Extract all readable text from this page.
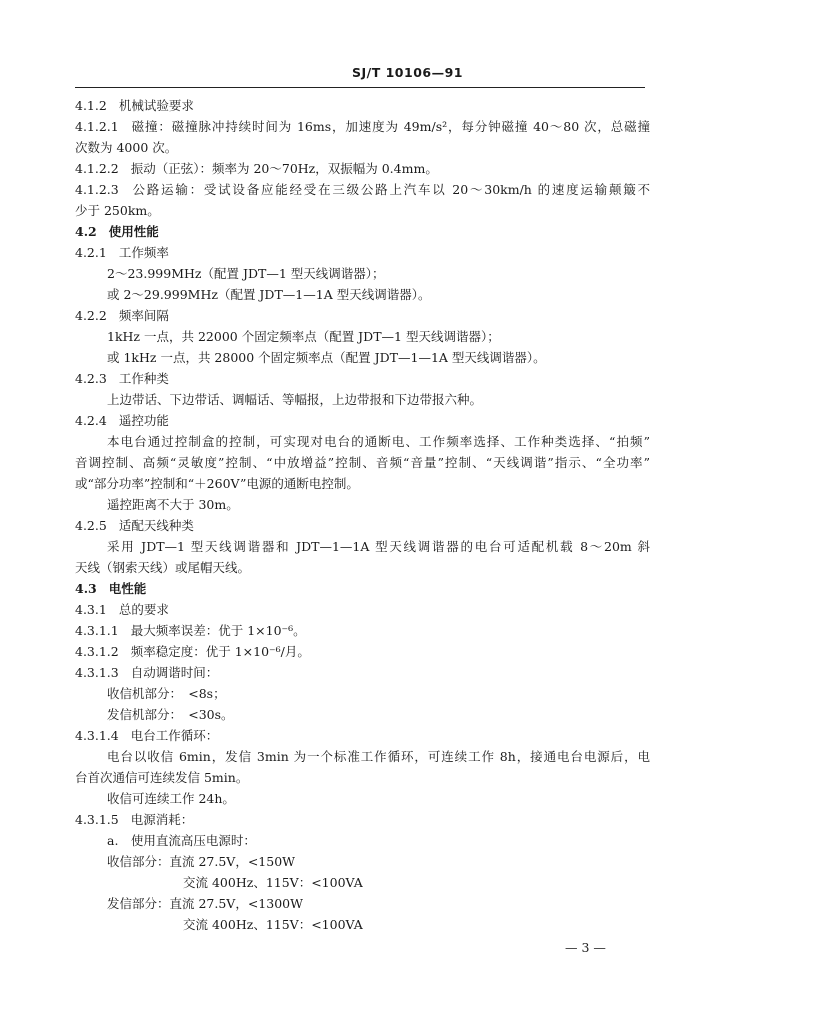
SJ/T 10106—91
4.1.2 机械试验要求
4.1.2.1 磁撞：磁撞脉冲持续时间为 16ms，加速度为 49m/s²，每分钟磁撞 40～80 次，总磁撞
次数为 4000 次。
4.1.2.2 振动（正弦）：频率为 20～70Hz，双振幅为 0.4mm。
4.1.2.3 公路运输：受试设备应能经受在三级公路上汽车以 20～30km/h 的速度运输颠簸不
少于 250km。
4.2 使用性能
4.2.1 工作频率
2～23.999MHz（配置 JDT—1 型天线调谐器）；
或 2～29.999MHz（配置 JDT—1—1A 型天线调谐器）。
4.2.2 频率间隔
1kHz 一点，共 22000 个固定频率点（配置 JDT—1 型天线调谐器）；
或 1kHz 一点，共 28000 个固定频率点（配置 JDT—1—1A 型天线调谐器）。
4.2.3 工作种类
上边带话、下边带话、调幅话、等幅报，上边带报和下边带报六种。
4.2.4 遥控功能
本电台通过控制盒的控制，可实现对电台的通断电、工作频率选择、工作种类选择、“拍频”
音调控制、高频“灵敏度”控制、“中放增益”控制、音频“音量”控制、“天线调谐”指示、“全功率”
或“部分功率”控制和“＋260V”电源的通断电控制。
遥控距离不大于 30m。
4.2.5 适配天线种类
采用 JDT—1 型天线调谐器和 JDT—1—1A 型天线调谐器的电台可适配机载 8～20m 斜
天线（钢索天线）或尾帽天线。
4.3 电性能
4.3.1 总的要求
4.3.1.1 最大频率误差：优于 1×10⁻⁶。
4.3.1.2 频率稳定度：优于 1×10⁻⁶/月。
4.3.1.3 自动调谐时间：
收信机部分：　<8s；
发信机部分：　<30s。
4.3.1.4 电台工作循环：
电台以收信 6min，发信 3min 为一个标准工作循环，可连续工作 8h，接通电台电源后，电
台首次通信可连续发信 5min。
收信可连续工作 24h。
4.3.1.5 电源消耗：
a.　使用直流高压电源时：
收信部分：直流 27.5V，<150W
交流 400Hz、115V：<100VA
发信部分：直流 27.5V，<1300W
交流 400Hz、115V：<100VA
— 3 —
